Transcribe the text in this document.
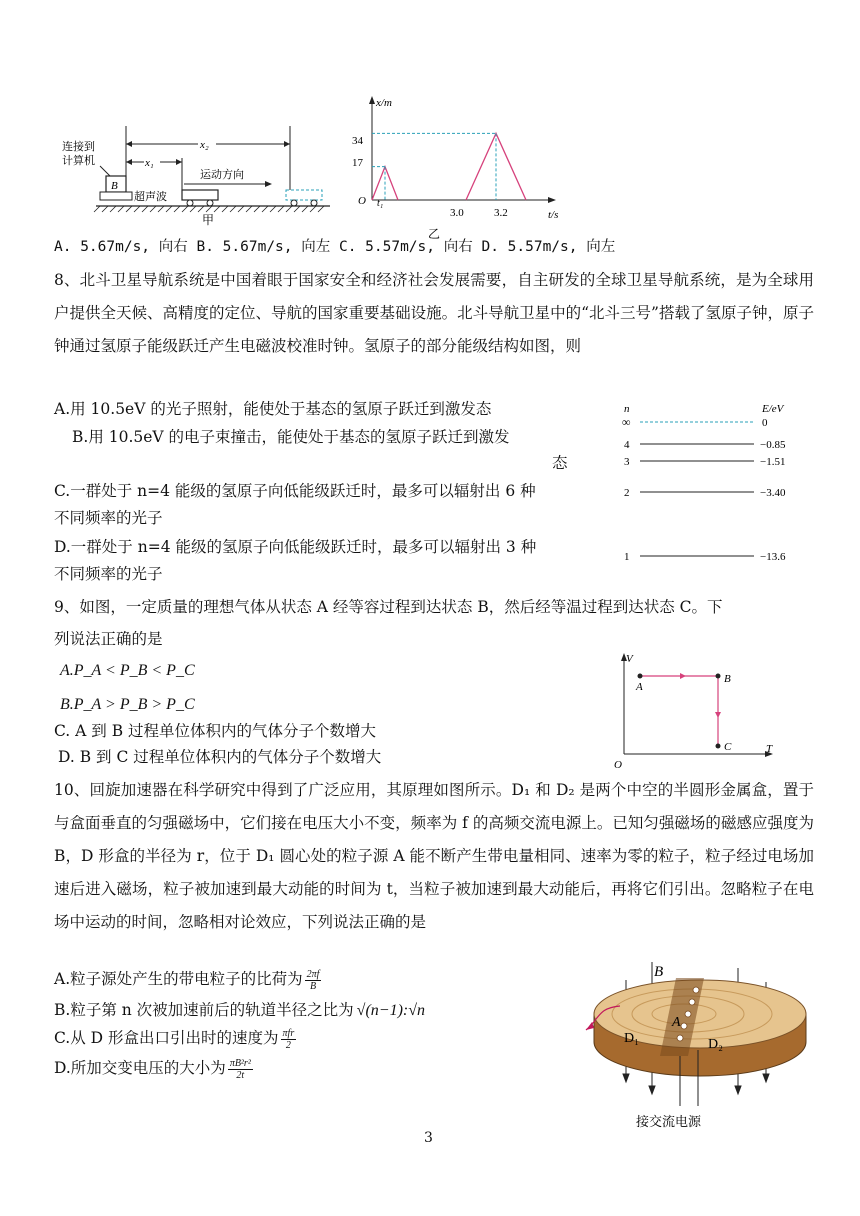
x₂
x₁
连接到
计算机
B
超声波
运动方向
甲
x/m
t/s
O
34
17
t₁
3.0	3.2
乙
A. 5.67m/s, 向右 B. 5.67m/s, 向左 C. 5.57m/s, 向右 D. 5.57m/s, 向左
8、北斗卫星导航系统是中国着眼于国家安全和经济社会发展需要，自主研发的全球卫星导航系统，是为全球用户提供全天候、高精度的定位、导航的国家重要基础设施。北斗导航卫星中的“北斗三号”搭载了氢原子钟，原子钟通过氢原子能级跃迁产生电磁波校准时钟。氢原子的部分能级结构如图，则
A.用 10.5eV 的光子照射，能使处于基态的氢原子跃迁到激发态
B.用 10.5eV 的电子束撞击，能使处于基态的氢原子跃迁到激发
态
C.一群处于 n=4 能级的氢原子向低能级跃迁时，最多可以辐射出 6 种
不同频率的光子
D.一群处于 n=4 能级的氢原子向低能级跃迁时，最多可以辐射出 3 种
不同频率的光子
n	E/eV
∞	0
4	−0.85
3	−1.51
2	−3.40
1	−13.6
9、如图，一定质量的理想气体从状态 A 经等容过程到达状态 B，然后经等温过程到达状态 C。下
列说法正确的是
A.P_A < P_B < P_C
B.P_A > P_B > P_C
C. A 到 B 过程单位体积内的气体分子个数增大
D. B 到 C 过程单位体积内的气体分子个数增大
V
T
O
A
B
C
10、回旋加速器在科学研究中得到了广泛应用，其原理如图所示。D₁ 和 D₂ 是两个中空的半圆形金属盒，置于与盒面垂直的匀强磁场中，它们接在电压大小不变，频率为 f 的高频交流电源上。已知匀强磁场的磁感应强度为 B，D 形盒的半径为 r，位于 D₁ 圆心处的粒子源 A 能不断产生带电量相同、速率为零的粒子，粒子经过电场加速后进入磁场，粒子被加速到最大动能的时间为 t，当粒子被加速到最大动能后，再将它们引出。忽略粒子在电场中运动的时间，忽略相对论效应，下列说法正确的是
A.粒子源处产生的带电粒子的比荷为 $\frac{2\pi f}{B}$
B.粒子第 n 次被加速前后的轨道半径之比为 √(n−1):√n
C.从 D 形盒出口引出时的速度为 $\frac{\text{πfr}}{2}$
D.所加交变电压的大小为 $\frac{\text{πB²r²}}{2t}$
B
A
D₁	D₂
接交流电源
3
